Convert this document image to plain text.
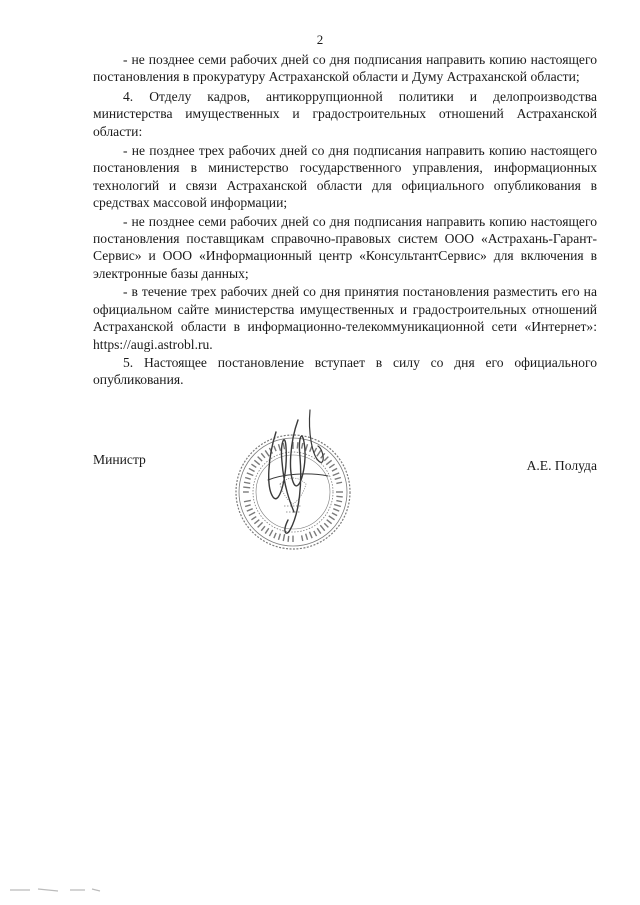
2

- не позднее семи рабочих дней со дня подписания направить копию настоящего постановления в прокуратуру Астраханской области и Думу Астраханской области;

4. Отделу кадров, антикоррупционной политики и делопроизводства министерства имущественных и градостроительных отношений Астраханской области:

- не позднее трех рабочих дней со дня подписания направить копию настоящего постановления в министерство государственного управления, информационных технологий и связи Астраханской области для официального опубликования в средствах массовой информации;

- не позднее семи рабочих дней со дня подписания направить копию настоящего постановления поставщикам справочно-правовых систем ООО «Астрахань-Гарант-Сервис» и ООО «Информационный центр «КонсультантСервис» для включения в электронные базы данных;

- в течение трех рабочих дней со дня принятия постановления разместить его на официальном сайте министерства имущественных и градостроительных отношений Астраханской области в информационно-телекоммуникационной сети «Интернет»: https://augi.astrobl.ru.

5. Настоящее постановление вступает в силу со дня его официального опубликования.

Министр	А.Е. Полуда
